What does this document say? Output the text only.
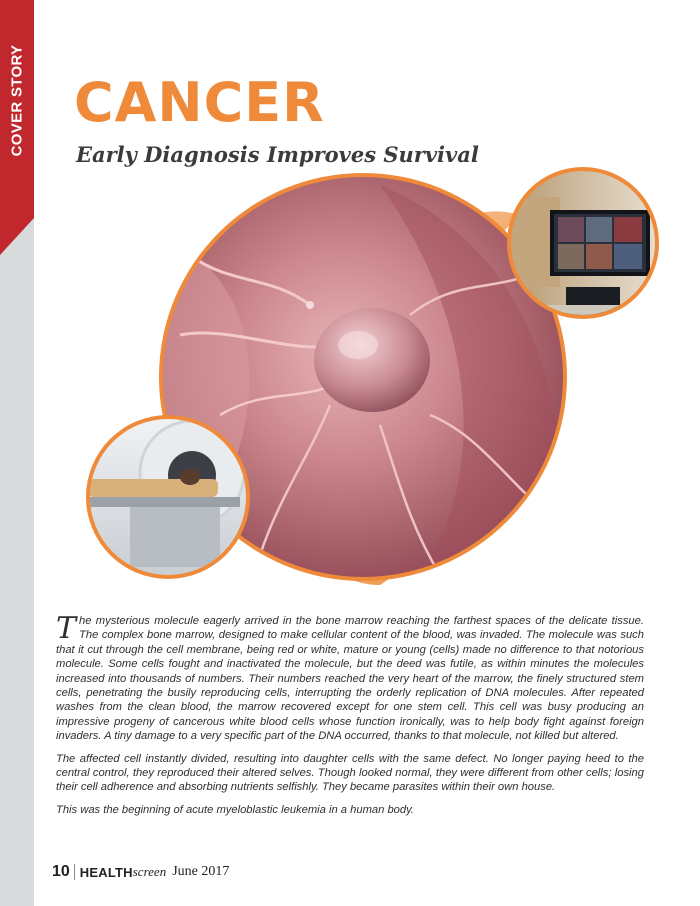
COVER STORY CANCER
Early Diagnosis Improves Survival

The mysterious molecule eagerly arrived in the bone marrow reaching the farthest spaces of the delicate tissue. The complex bone marrow, designed to make cellular content of the blood, was invaded. The molecule was such that it cut through the cell membrane, being red or white, mature or young (cells) made no difference to that notorious molecule. Some cells fought and inactivated the molecule, but the deed was futile, as within minutes the molecules increased into thousands of numbers. Their numbers reached the very heart of the marrow, the finely structured stem cells, penetrating the busily reproducing cells, interrupting the orderly replication of DNA molecules. After repeated washes from the clean blood, the marrow recovered except for one stem cell. This cell was busy producing an impressive progeny of cancerous white blood cells whose function ironically, was to help body fight against foreign invaders. A tiny damage to a very specific part of the DNA occurred, thanks to that molecule, not killed but altered.

The affected cell instantly divided, resulting into daughter cells with the same defect. No longer paying heed to the central control, they reproduced their altered selves. Though looked normal, they were different from other cells; losing their cell adherence and absorbing nutrients selfishly. They became parasites within their own house.

This was the beginning of acute myeloblastic leukemia in a human body.

10 HEALTH screen June 2017
